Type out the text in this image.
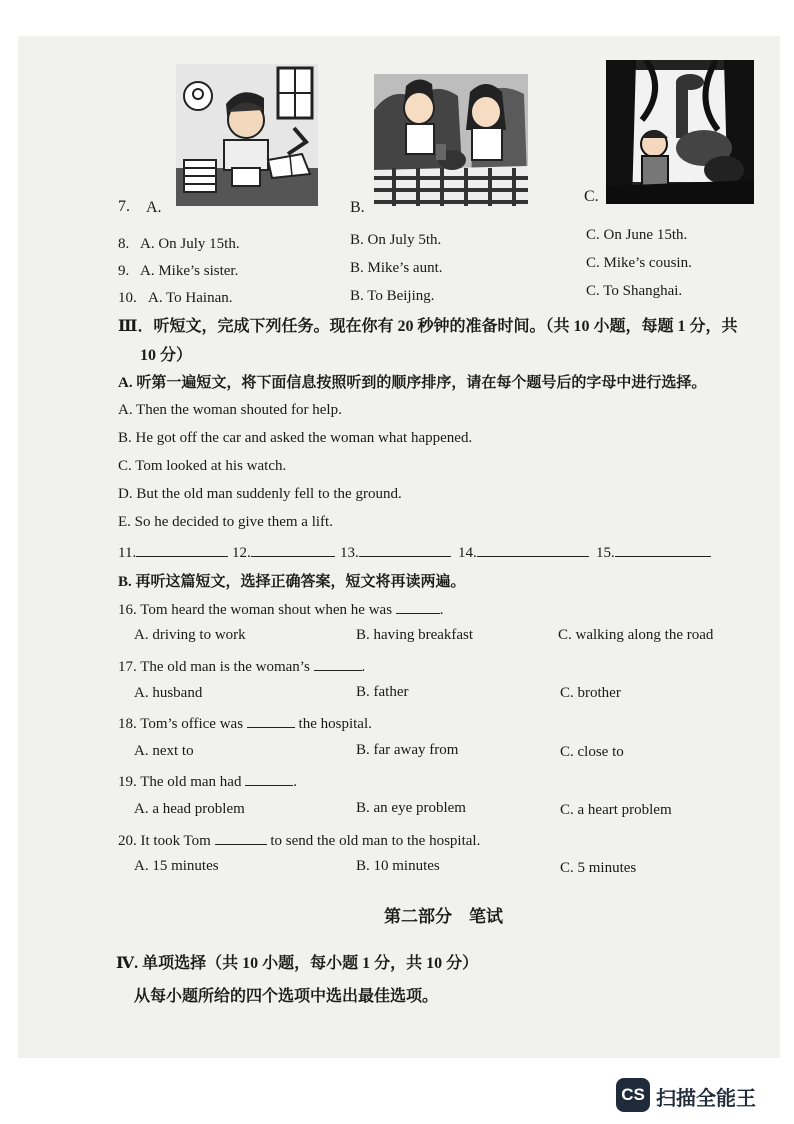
7. A.	B.
C.
8. A. On July 15th.	B. On July 5th.	C. On June 15th.
9. A. Mike’s sister.	B. Mike’s aunt.	C. Mike’s cousin.
10. A. To Hainan.	B. To Beijing.	C. To Shanghai.
Ⅲ．听短文，完成下列任务。现在你有 20 秒钟的准备时间。（共 10 小题，每题 1 分，共
10 分）
A. 听第一遍短文，将下面信息按照听到的顺序排序，请在每个题号后的字母中进行选择。
A. Then the woman shouted for help.
B. He got off the car and asked the woman what happened.
C. Tom looked at his watch.
D. But the old man suddenly fell to the ground.
E. So he decided to give them a lift.
11.	12.	13.	14.	15.
B. 再听这篇短文，选择正确答案，短文将再读两遍。
16. Tom heard the woman shout when he was	.
A. driving to work	B. having breakfast	C. walking along the road
17. The old man is the woman’s	.
A. husband	B. father	C. brother
18. Tom’s office was	the hospital.
A. next to	B. far away from	C. close to
19. The old man had	.
A. a head problem	B. an eye problem	C. a heart problem
20. It took Tom	to send the old man to the hospital.
A. 15 minutes	B. 10 minutes	C. 5 minutes
第二部分　笔试
Ⅳ. 单项选择（共 10 小题，每小题 1 分，共 10 分）
从每小题所给的四个选项中选出最佳选项。
CS 扫描全能王
